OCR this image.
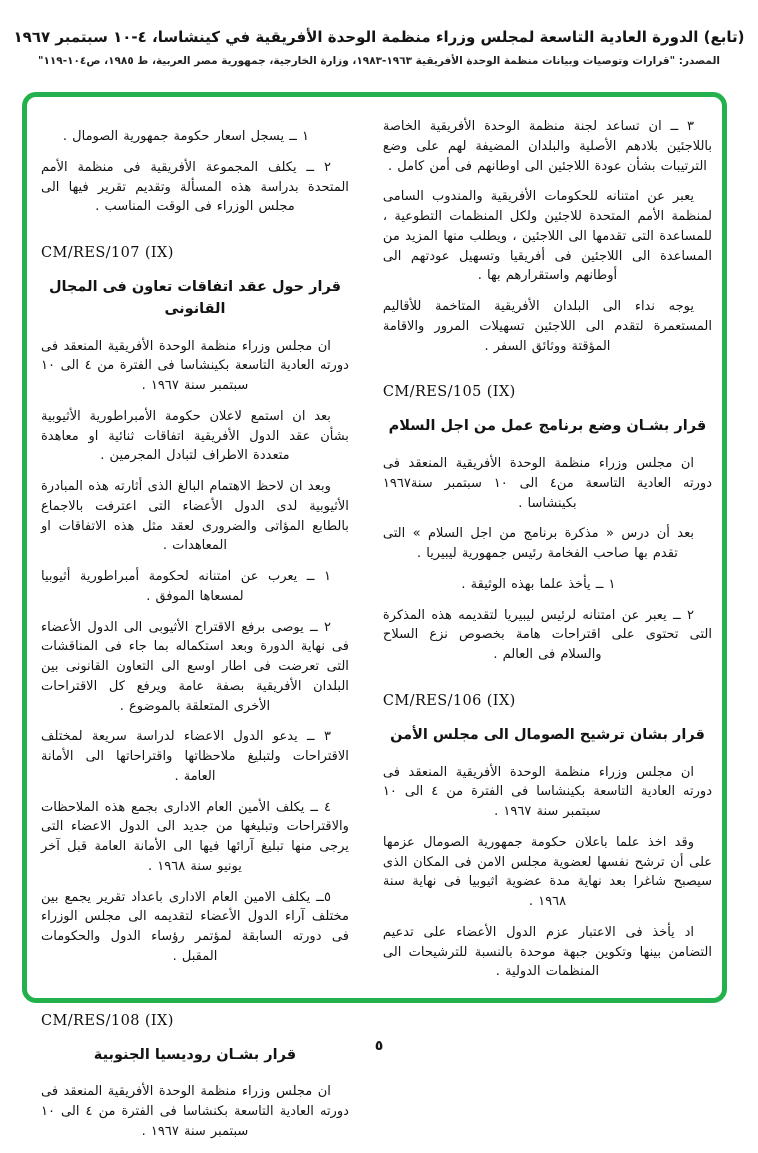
(تابع) الدورة العادية التاسعة لمجلس وزراء منظمة الوحدة الأفريقية في كينشاسا، ٤-١٠ سبتمبر ١٩٦٧
المصدر: "قرارات وتوصيات وبيانات منظمة الوحدة الأفريقية ١٩٦٣-١٩٨٣، وزارة الخارجية، جمهورية مصر العربية، ط ١٩٨٥، ص١٠٤-١١٩"

٣ ــ ان تساعد لجنة منظمة الوحدة الأفريقية الخاصة باللاجئين بلادهم الأصلية والبلدان المضيفة لهم على وضع الترتيبات بشأن عودة اللاجئين الى اوطانهم فى أمن كامل .

يعبر عن امتنانه للحكومات الأفريقية والمندوب السامى لمنظمة الأمم المتحدة للاجئين ولكل المنظمات التطوعية ، للمساعدة التى تقدمها الى اللاجئين ، ويطلب منها المزيد من المساعدة الى اللاجئين فى أفريقيا وتسهيل عودتهم الى أوطانهم واستقرارهم بها .

يوجه نداء الى البلدان الأفريقية المتاخمة للأقاليم المستعمرة لتقدم الى اللاجئين تسهيلات المرور والاقامة المؤقتة ووثائق السفر .

CM/RES/105 (IX)
قرار بشـان وضع برنامج عمل من اجل السلام

ان مجلس وزراء منظمة الوحدة الأفريقية المنعقد فى دورته العادية التاسعة من٤ الى ١٠ سبتمبر سنة١٩٦٧ بكينشاسا .

بعد أن درس « مذكرة برنامج من اجل السلام » التى تقدم بها صاحب الفخامة رئيس جمهورية ليبيريا .

١ ــ يأخذ علما بهذه الوثيقة .

٢ ــ يعبر عن امتنانه لرئيس ليبيريا لتقديمه هذه المذكرة التى تحتوى على اقتراحات هامة بخصوص نزع السلاح والسلام فى العالم .

CM/RES/106 (IX)
قرار بشان ترشيح الصومال الى مجلس الأمن

ان مجلس وزراء منظمة الوحدة الأفريقية المنعقد فى دورته العادية التاسعة بكينشاسا فى الفترة من ٤ الى ١٠ سبتمبر سنة ١٩٦٧ .

وقد اخذ علما باعلان حكومة جمهورية الصومال عزمها على أن ترشح نفسها لعضوية مجلس الامن فى المكان الذى سيصبح شاغرا بعد نهاية مدة عضوية اثيوبيا فى نهاية سنة ١٩٦٨ .

اد يأخذ فى الاعتبار عزم الدول الأعضاء على تدعيم التضامن بينها وتكوين جبهة موحدة بالنسبة للترشيحات الى المنظمات الدولية .

١ ــ يسجل اسعار حكومة جمهورية الصومال .

٢ ــ يكلف المجموعة الأفريقية فى منظمة الأمم المتحدة بدراسة هذه المسألة وتقديم تقرير فيها الى مجلس الوزراء فى الوقت المناسب .

CM/RES/107 (IX)
قرار حول عقد اتفاقات تعاون فى المجال القانونى

ان مجلس وزراء منظمة الوحدة الأفريقية المنعقد فى دورته العادية التاسعة بكينشاسا فى الفترة من ٤ الى ١٠ سبتمبر سنة ١٩٦٧ .

بعد ان استمع لاعلان حكومة الأمبراطورية الأثيوبية بشأن عقد الدول الأفريقية اتفاقات ثنائية او معاهدة متعددة الاطراف لتبادل المجرمين .

وبعد ان لاحظ الاهتمام البالغ الذى أثارته هذه المبادرة الأثيوبية لدى الدول الأعضاء التى اعترفت بالاجماع بالطابع المؤاتى والضرورى لعقد مثل هذه الاتفاقات او المعاهدات .

١ ــ يعرب عن امتنانه لحكومة أمبراطورية أثيوبيا لمسعاها الموفق .

٢ ــ يوصى برفع الاقتراح الأثيوبى الى الدول الأعضاء فى نهاية الدورة وبعد استكماله بما جاء فى المناقشات التى تعرضت فى اطار اوسع الى التعاون القانونى بين البلدان الأفريقية بصفة عامة ويرفع كل الاقتراحات الأخرى المتعلقة بالموضوع .

٣ ــ يدعو الدول الاعضاء لدراسة سريعة لمختلف الاقتراحات ولتبليغ ملاحظاتها واقتراحاتها الى الأمانة العامة .

٤ ــ يكلف الأمين العام الادارى بجمع هذه الملاحظات والاقتراحات وتبليغها من جديد الى الدول الاعضاء التى يرجى منها تبليغ آرائها فيها الى الأمانة العامة قبل آخر يونيو سنة ١٩٦٨ .

٥ــ يكلف الامين العام الادارى باعداد تقرير يجمع بين مختلف آراء الدول الأعضاء لتقديمه الى مجلس الوزراء فى دورته السابقة لمؤتمر رؤساء الدول والحكومات المقبل .

CM/RES/108 (IX)
قرار بشـان روديسيا الجنوبية

ان مجلس وزراء منظمة الوحدة الأفريقية المنعقد فى دورته العادية التاسعة بكنشاسا فى الفترة من ٤ الى ١٠ سبتمبر سنة ١٩٦٧ .

٥
